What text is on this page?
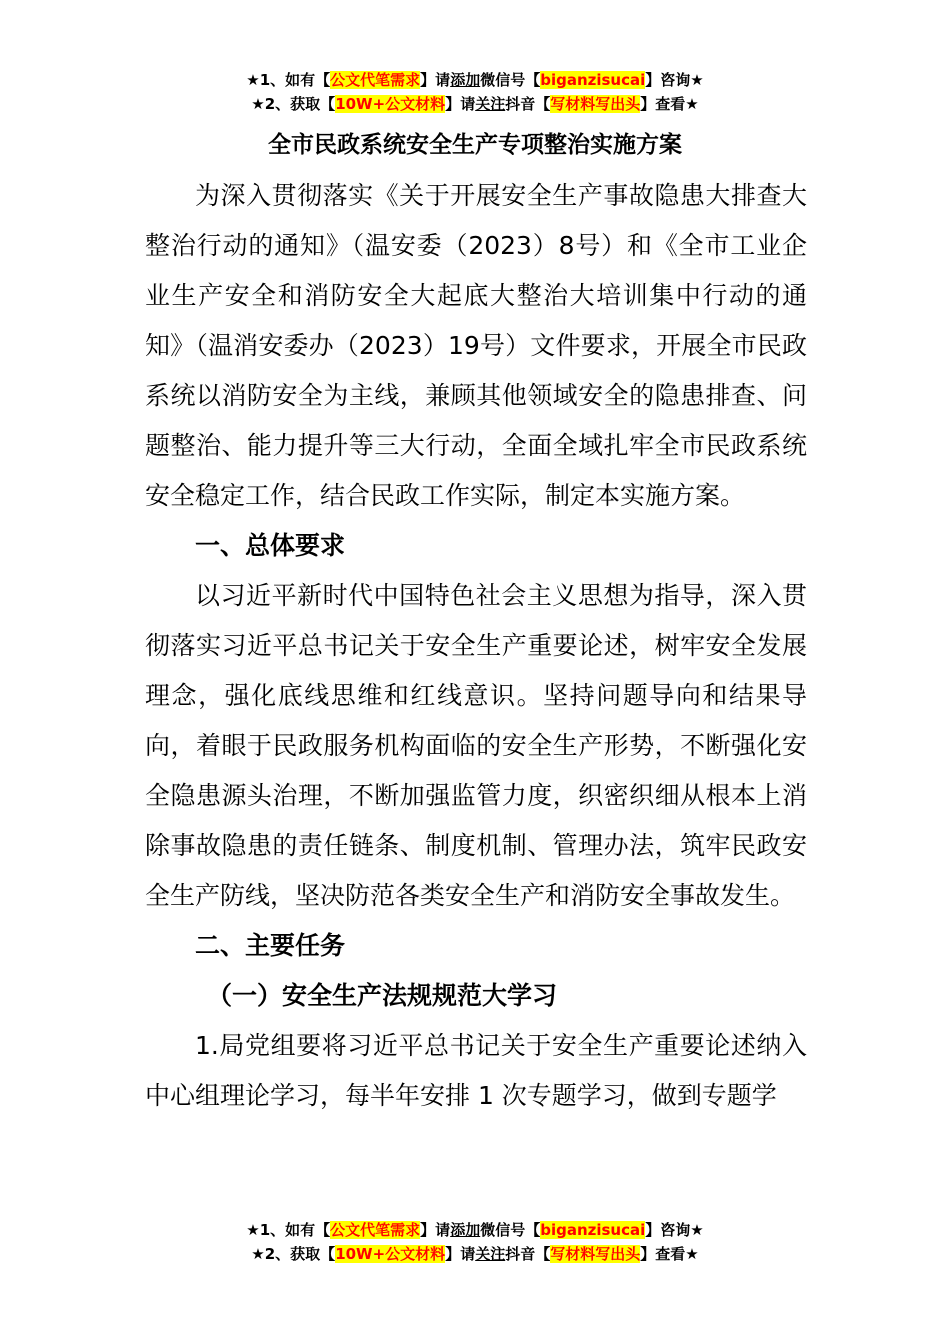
★1、如有【公文代笔需求】请添加微信号【biganzisucai】咨询★
★2、获取【10W+公文材料】请关注抖音【写材料写出头】查看★
全市民政系统安全生产专项整治实施方案

为深入贯彻落实《关于开展安全生产事故隐患大排查大整治行动的通知》（温安委（2023）8号）和《全市工业企业生产安全和消防安全大起底大整治大培训集中行动的通知》（温消安委办（2023）19号）文件要求，开展全市民政系统以消防安全为主线，兼顾其他领域安全的隐患排查、问题整治、能力提升等三大行动，全面全域扎牢全市民政系统安全稳定工作，结合民政工作实际，制定本实施方案。

一、总体要求

以习近平新时代中国特色社会主义思想为指导，深入贯彻落实习近平总书记关于安全生产重要论述，树牢安全发展理念，强化底线思维和红线意识。坚持问题导向和结果导向，着眼于民政服务机构面临的安全生产形势，不断强化安全隐患源头治理，不断加强监管力度，织密织细从根本上消除事故隐患的责任链条、制度机制、管理办法，筑牢民政安全生产防线，坚决防范各类安全生产和消防安全事故发生。

二、主要任务

（一）安全生产法规规范大学习

1.局党组要将习近平总书记关于安全生产重要论述纳入中心组理论学习，每半年安排 1 次专题学习，做到专题学

★1、如有【公文代笔需求】请添加微信号【biganzisucai】咨询★
★2、获取【10W+公文材料】请关注抖音【写材料写出头】查看★
